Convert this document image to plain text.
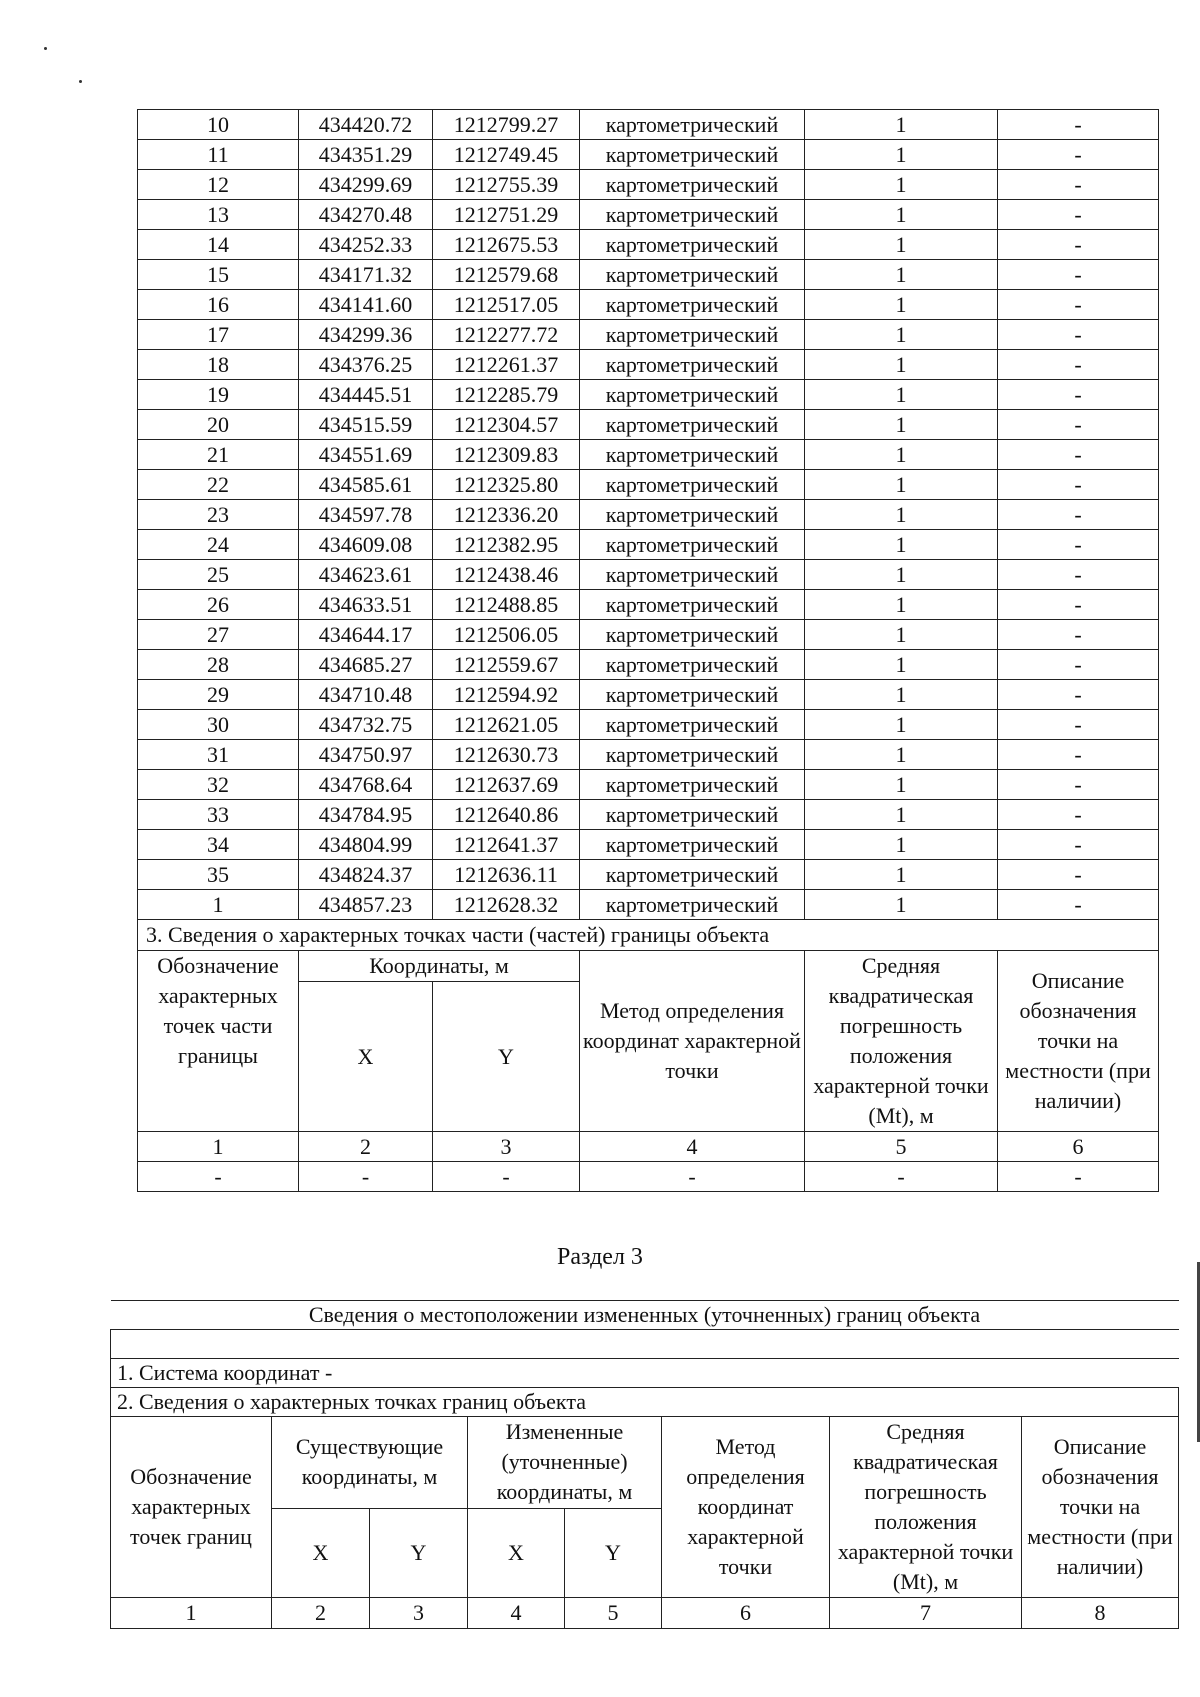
10	434420.72	1212799.27	картометрический	1	-
11	434351.29	1212749.45	картометрический	1	-
12	434299.69	1212755.39	картометрический	1	-
13	434270.48	1212751.29	картометрический	1	-
14	434252.33	1212675.53	картометрический	1	-
15	434171.32	1212579.68	картометрический	1	-
16	434141.60	1212517.05	картометрический	1	-
17	434299.36	1212277.72	картометрический	1	-
18	434376.25	1212261.37	картометрический	1	-
19	434445.51	1212285.79	картометрический	1	-
20	434515.59	1212304.57	картометрический	1	-
21	434551.69	1212309.83	картометрический	1	-
22	434585.61	1212325.80	картометрический	1	-
23	434597.78	1212336.20	картометрический	1	-
24	434609.08	1212382.95	картометрический	1	-
25	434623.61	1212438.46	картометрический	1	-
26	434633.51	1212488.85	картометрический	1	-
27	434644.17	1212506.05	картометрический	1	-
28	434685.27	1212559.67	картометрический	1	-
29	434710.48	1212594.92	картометрический	1	-
30	434732.75	1212621.05	картометрический	1	-
31	434750.97	1212630.73	картометрический	1	-
32	434768.64	1212637.69	картометрический	1	-
33	434784.95	1212640.86	картометрический	1	-
34	434804.99	1212641.37	картометрический	1	-
35	434824.37	1212636.11	картометрический	1	-
1	434857.23	1212628.32	картометрический	1	-
3. Сведения о характерных точках части (частей) границы объекта					
Обозначение характерных точек части границы	Координаты, м		Метод определения координат характерной точки	Средняя квадратическая погрешность положения характерной точки (Mt), м	Описание обозначения точки на местности (при наличии)
	X	Y			
1	2	3	4	5	6
-	-	-	-	-	-
Раздел 3
Сведения о местоположении измененных (уточненных) границ объекта							

1. Система координат -							
2. Сведения о характерных точках границ объекта							
Обозначение характерных точек границ	Существующие координаты, м		Измененные (уточненные) координаты, м		Метод определения координат характерной точки	Средняя квадратическая погрешность положения характерной точки (Mt), м	Описание обозначения точки на местности (при наличии)
	X	Y	X	Y			
1	2	3	4	5	6	7	8
